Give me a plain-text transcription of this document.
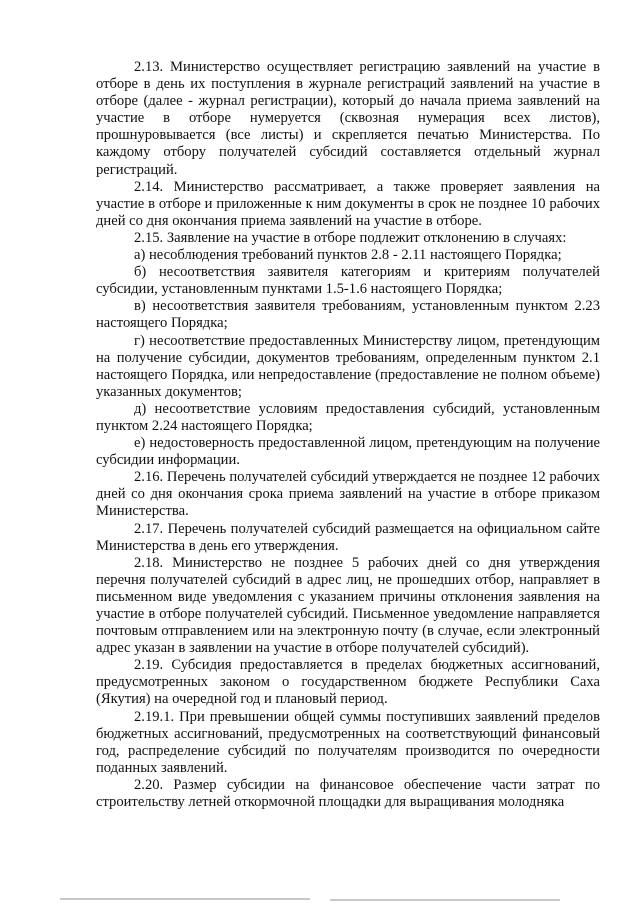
2.13. Министерство осуществляет регистрацию заявлений на участие в отборе в день их поступления в журнале регистраций заявлений на участие в отборе (далее - журнал регистрации), который до начала приема заявлений на участие в отборе нумеруется (сквозная нумерация всех листов), прошнуровывается (все листы) и скрепляется печатью Министерства. По каждому отбору получателей субсидий составляется отдельный журнал регистраций.

2.14. Министерство рассматривает, а также проверяет заявления на участие в отборе и приложенные к ним документы в срок не позднее 10 рабочих дней со дня окончания приема заявлений на участие в отборе.

2.15. Заявление на участие в отборе подлежит отклонению в случаях:

а) несоблюдения требований пунктов 2.8 - 2.11 настоящего Порядка;

б) несоответствия заявителя категориям и критериям получателей субсидии, установленным пунктами 1.5-1.6 настоящего Порядка;

в) несоответствия заявителя требованиям, установленным пунктом 2.23 настоящего Порядка;

г) несоответствие предоставленных Министерству лицом, претендующим на получение субсидии, документов требованиям, определенным пунктом 2.1 настоящего Порядка, или непредоставление (предоставление не полном объеме) указанных документов;

д) несоответствие условиям предоставления субсидий, установленным пунктом 2.24 настоящего Порядка;

е) недостоверность предоставленной лицом, претендующим на получение субсидии информации.

2.16. Перечень получателей субсидий утверждается не позднее 12 рабочих дней со дня окончания срока приема заявлений на участие в отборе приказом Министерства.

2.17. Перечень получателей субсидий размещается на официальном сайте Министерства в день его утверждения.

2.18. Министерство не позднее 5 рабочих дней со дня утверждения перечня получателей субсидий в адрес лиц, не прошедших отбор, направляет в письменном виде уведомления с указанием причины отклонения заявления на участие в отборе получателей субсидий. Письменное уведомление направляется почтовым отправлением или на электронную почту (в случае, если электронный адрес указан в заявлении на участие в отборе получателей субсидий).

2.19. Субсидия предоставляется в пределах бюджетных ассигнований, предусмотренных законом о государственном бюджете Республики Саха (Якутия) на очередной год и плановый период.

2.19.1. При превышении общей суммы поступивших заявлений пределов бюджетных ассигнований, предусмотренных на соответствующий финансовый год, распределение субсидий по получателям производится по очередности поданных заявлений.

2.20. Размер субсидии на финансовое обеспечение части затрат по строительству летней откормочной площадки для выращивания молодняка
